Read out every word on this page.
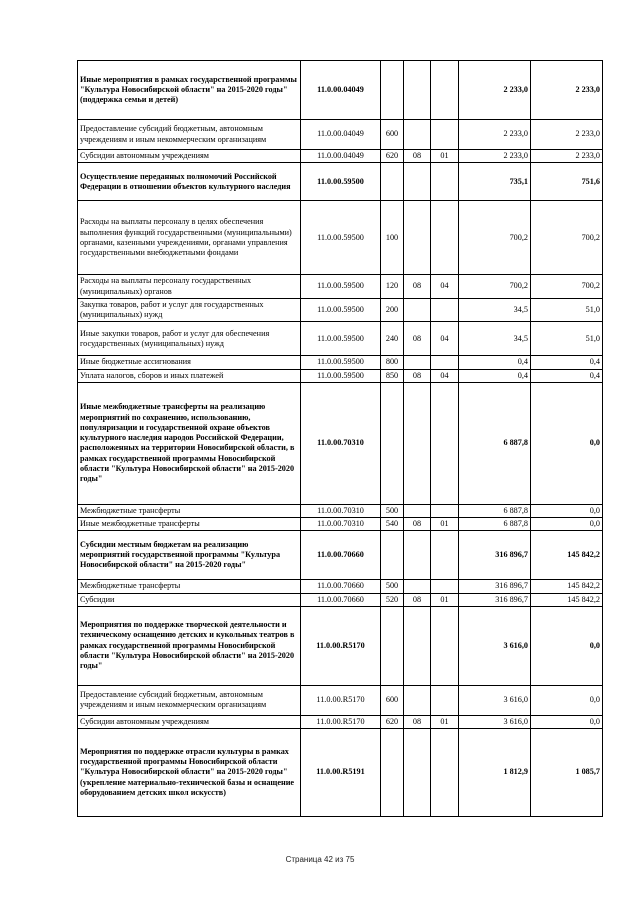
Иные мероприятия в рамках государственной программы "Культура Новосибирской области" на 2015-2020 годы"(поддержка семьи и детей)	11.0.00.04049				2 233,0	2 233,0
Предоставление субсидий бюджетным, автономным учреждениям и иным некоммерческим организациям	11.0.00.04049	600			2 233,0	2 233,0
Субсидии автономным учреждениям	11.0.00.04049	620	08	01	2 233,0	2 233,0
Осуществление переданных полномочий Российской Федерации в отношении объектов культурного наследия	11.0.00.59500				735,1	751,6
Расходы на выплаты персоналу в целях обеспечения выполнения функций государственными (муниципальными) органами, казенными учреждениями, органами управления государственными внебюджетными фондами	11.0.00.59500	100			700,2	700,2
Расходы на выплаты персоналу государственных (муниципальных) органов	11.0.00.59500	120	08	04	700,2	700,2
Закупка товаров, работ и услуг для государственных (муниципальных) нужд	11.0.00.59500	200			34,5	51,0
Иные закупки товаров, работ и услуг для обеспечения государственных (муниципальных) нужд	11.0.00.59500	240	08	04	34,5	51,0
Иные бюджетные ассигнования	11.0.00.59500	800			0,4	0,4
Уплата налогов, сборов и иных платежей	11.0.00.59500	850	08	04	0,4	0,4
Иные межбюджетные трансферты на реализацию мероприятий по сохранению, использованию, популяризации и государственной охране объектов культурного наследия народов Российской Федерации, расположенных на территории Новосибирской области, в рамках государственной программы Новосибирской области "Культура Новосибирской области" на 2015-2020 годы"	11.0.00.70310				6 887,8	0,0
Межбюджетные трансферты	11.0.00.70310	500			6 887,8	0,0
Иные межбюджетные трансферты	11.0.00.70310	540	08	01	6 887,8	0,0
Субсидии местным бюджетам на реализацию мероприятий государственной программы "Культура Новосибирской области" на 2015-2020 годы"	11.0.00.70660				316 896,7	145 842,2
Межбюджетные трансферты	11.0.00.70660	500			316 896,7	145 842,2
Субсидии	11.0.00.70660	520	08	01	316 896,7	145 842,2
Мероприятия по поддержке творческой деятельности и техническому оснащению детских и кукольных театров в рамках государственной программы Новосибирской области "Культура Новосибирской области" на 2015-2020 годы"	11.0.00.R5170				3 616,0	0,0
Предоставление субсидий бюджетным, автономным учреждениям и иным некоммерческим организациям	11.0.00.R5170	600			3 616,0	0,0
Субсидии автономным учреждениям	11.0.00.R5170	620	08	01	3 616,0	0,0
Мероприятия по поддержке отрасли культуры в рамках государственной программы Новосибирской области "Культура Новосибирской области" на 2015-2020 годы" (укрепление материально-технической базы и оснащение оборудованием детских школ искусств)	11.0.00.R5191				1 812,9	1 085,7
Страница 42 из 75
